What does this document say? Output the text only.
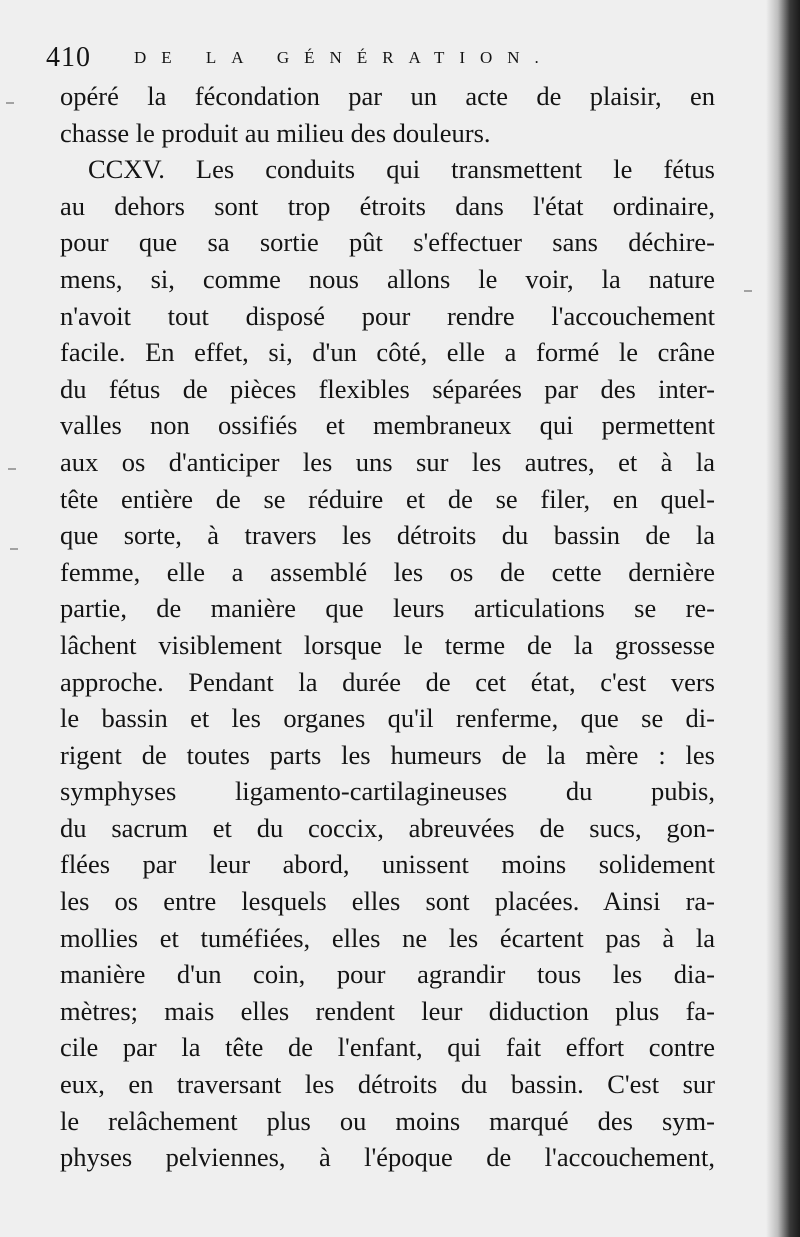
410	DE LA GÉNÉRATION.
opéré la fécondation par un acte de plaisir, en
chasse le produit au milieu des douleurs.
CCXV. Les conduits qui transmettent le fétus
au dehors sont trop étroits dans l'état ordinaire,
pour que sa sortie pût s'effectuer sans déchire-
mens, si, comme nous allons le voir, la nature
n'avoit tout disposé pour rendre l'accouchement
facile. En effet, si, d'un côté, elle a formé le crâne
du fétus de pièces flexibles séparées par des inter-
valles non ossifiés et membraneux qui permettent
aux os d'anticiper les uns sur les autres, et à la
tête entière de se réduire et de se filer, en quel-
que sorte, à travers les détroits du bassin de la
femme, elle a assemblé les os de cette dernière
partie, de manière que leurs articulations se re-
lâchent visiblement lorsque le terme de la grossesse
approche. Pendant la durée de cet état, c'est vers
le bassin et les organes qu'il renferme, que se di-
rigent de toutes parts les humeurs de la mère : les
symphyses ligamento-cartilagineuses du pubis,
du sacrum et du coccix, abreuvées de sucs, gon-
flées par leur abord, unissent moins solidement
les os entre lesquels elles sont placées. Ainsi ra-
mollies et tuméfiées, elles ne les écartent pas à la
manière d'un coin, pour agrandir tous les dia-
mètres; mais elles rendent leur diduction plus fa-
cile par la tête de l'enfant, qui fait effort contre
eux, en traversant les détroits du bassin. C'est sur
le relâchement plus ou moins marqué des sym-
physes pelviennes, à l'époque de l'accouchement,
